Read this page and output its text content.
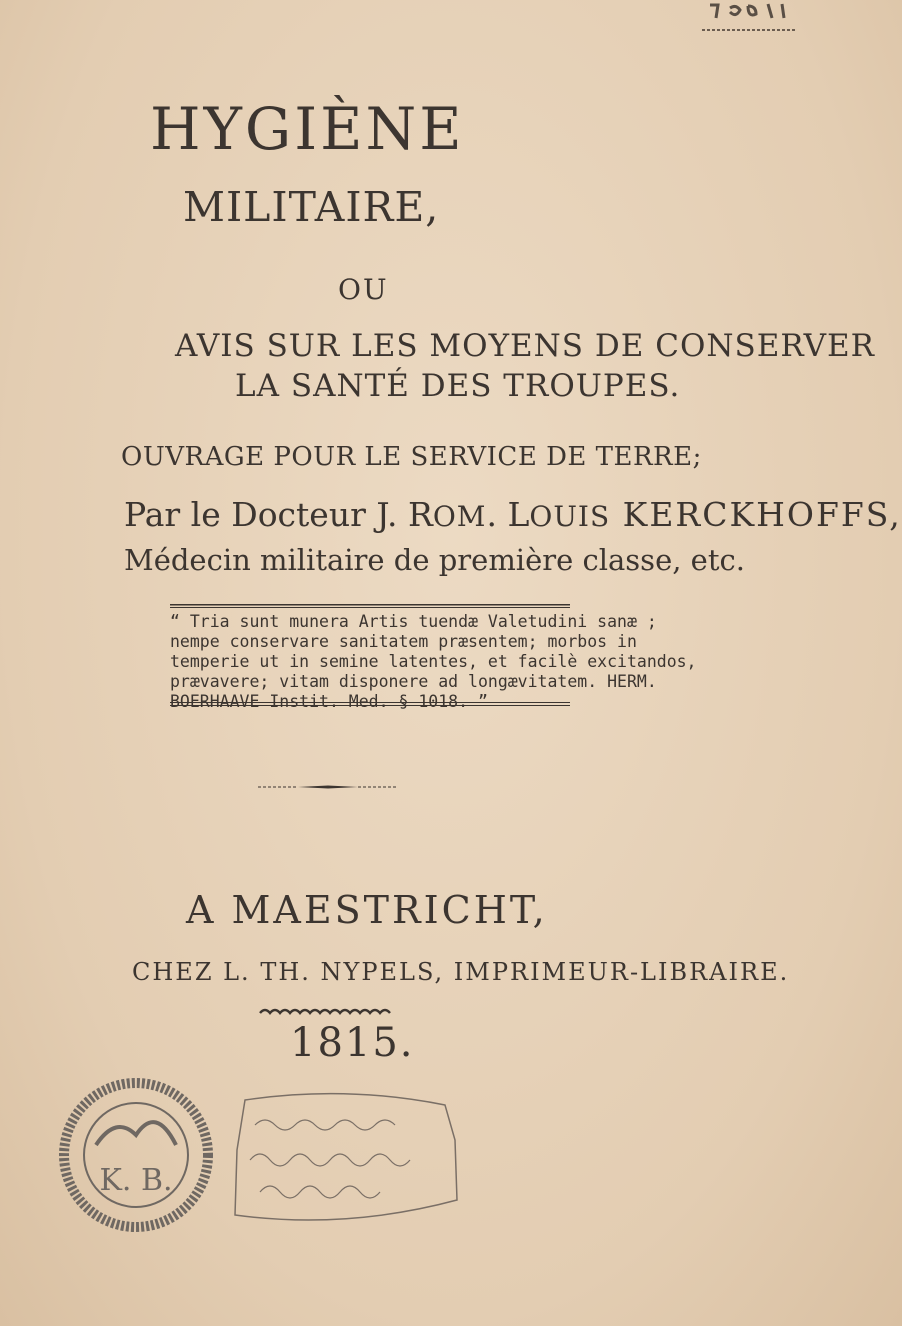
HYGIÈNE
MILITAIRE,
OU
AVIS SUR LES MOYENS DE CONSERVER
LA SANTÉ DES TROUPES.
OUVRAGE POUR LE SERVICE DE TERRE;
Par le Docteur J. ROM. LOUIS KERCKHOFFS,
Médecin militaire de première classe, etc.
“ Tria sunt munera Artis tuendæ Valetudini sanæ ;
nempe conservare sanitatem præsentem; morbos in
temperie ut in semine latentes, et facilè excitandos,
prævavere; vitam disponere ad longævitatem. HERM.
A MAESTRICHT,
CHEZ L. TH. NYPELS, IMPRIMEUR-LIBRAIRE.
1815.
K. B.
